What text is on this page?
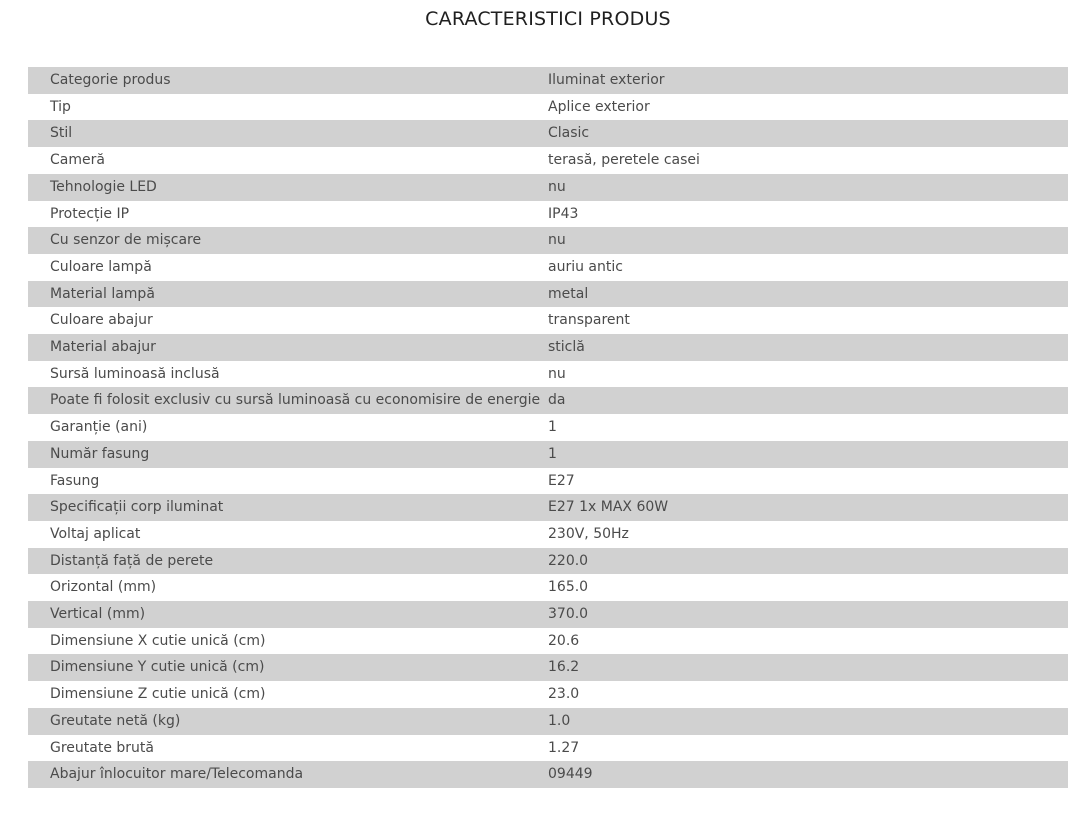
CARACTERISTICI PRODUS
Categorie produs	Iluminat exterior
Tip	Aplice exterior
Stil	Clasic
Cameră	terasă, peretele casei
Tehnologie LED	nu
Protecție IP	IP43
Cu senzor de mișcare	nu
Culoare lampă	auriu antic
Material lampă	metal
Culoare abajur	transparent
Material abajur	sticlă
Sursă luminoasă inclusă	nu
Poate fi folosit exclusiv cu sursă luminoasă cu economisire de energie	da
Garanție (ani)	1
Număr fasung	1
Fasung	E27
Specificații corp iluminat	E27 1x MAX 60W
Voltaj aplicat	230V, 50Hz
Distanță față de perete	220.0
Orizontal (mm)	165.0
Vertical (mm)	370.0
Dimensiune X cutie unică (cm)	20.6
Dimensiune Y cutie unică (cm)	16.2
Dimensiune Z cutie unică (cm)	23.0
Greutate netă (kg)	1.0
Greutate brută	1.27
Abajur înlocuitor mare/Telecomanda	09449
